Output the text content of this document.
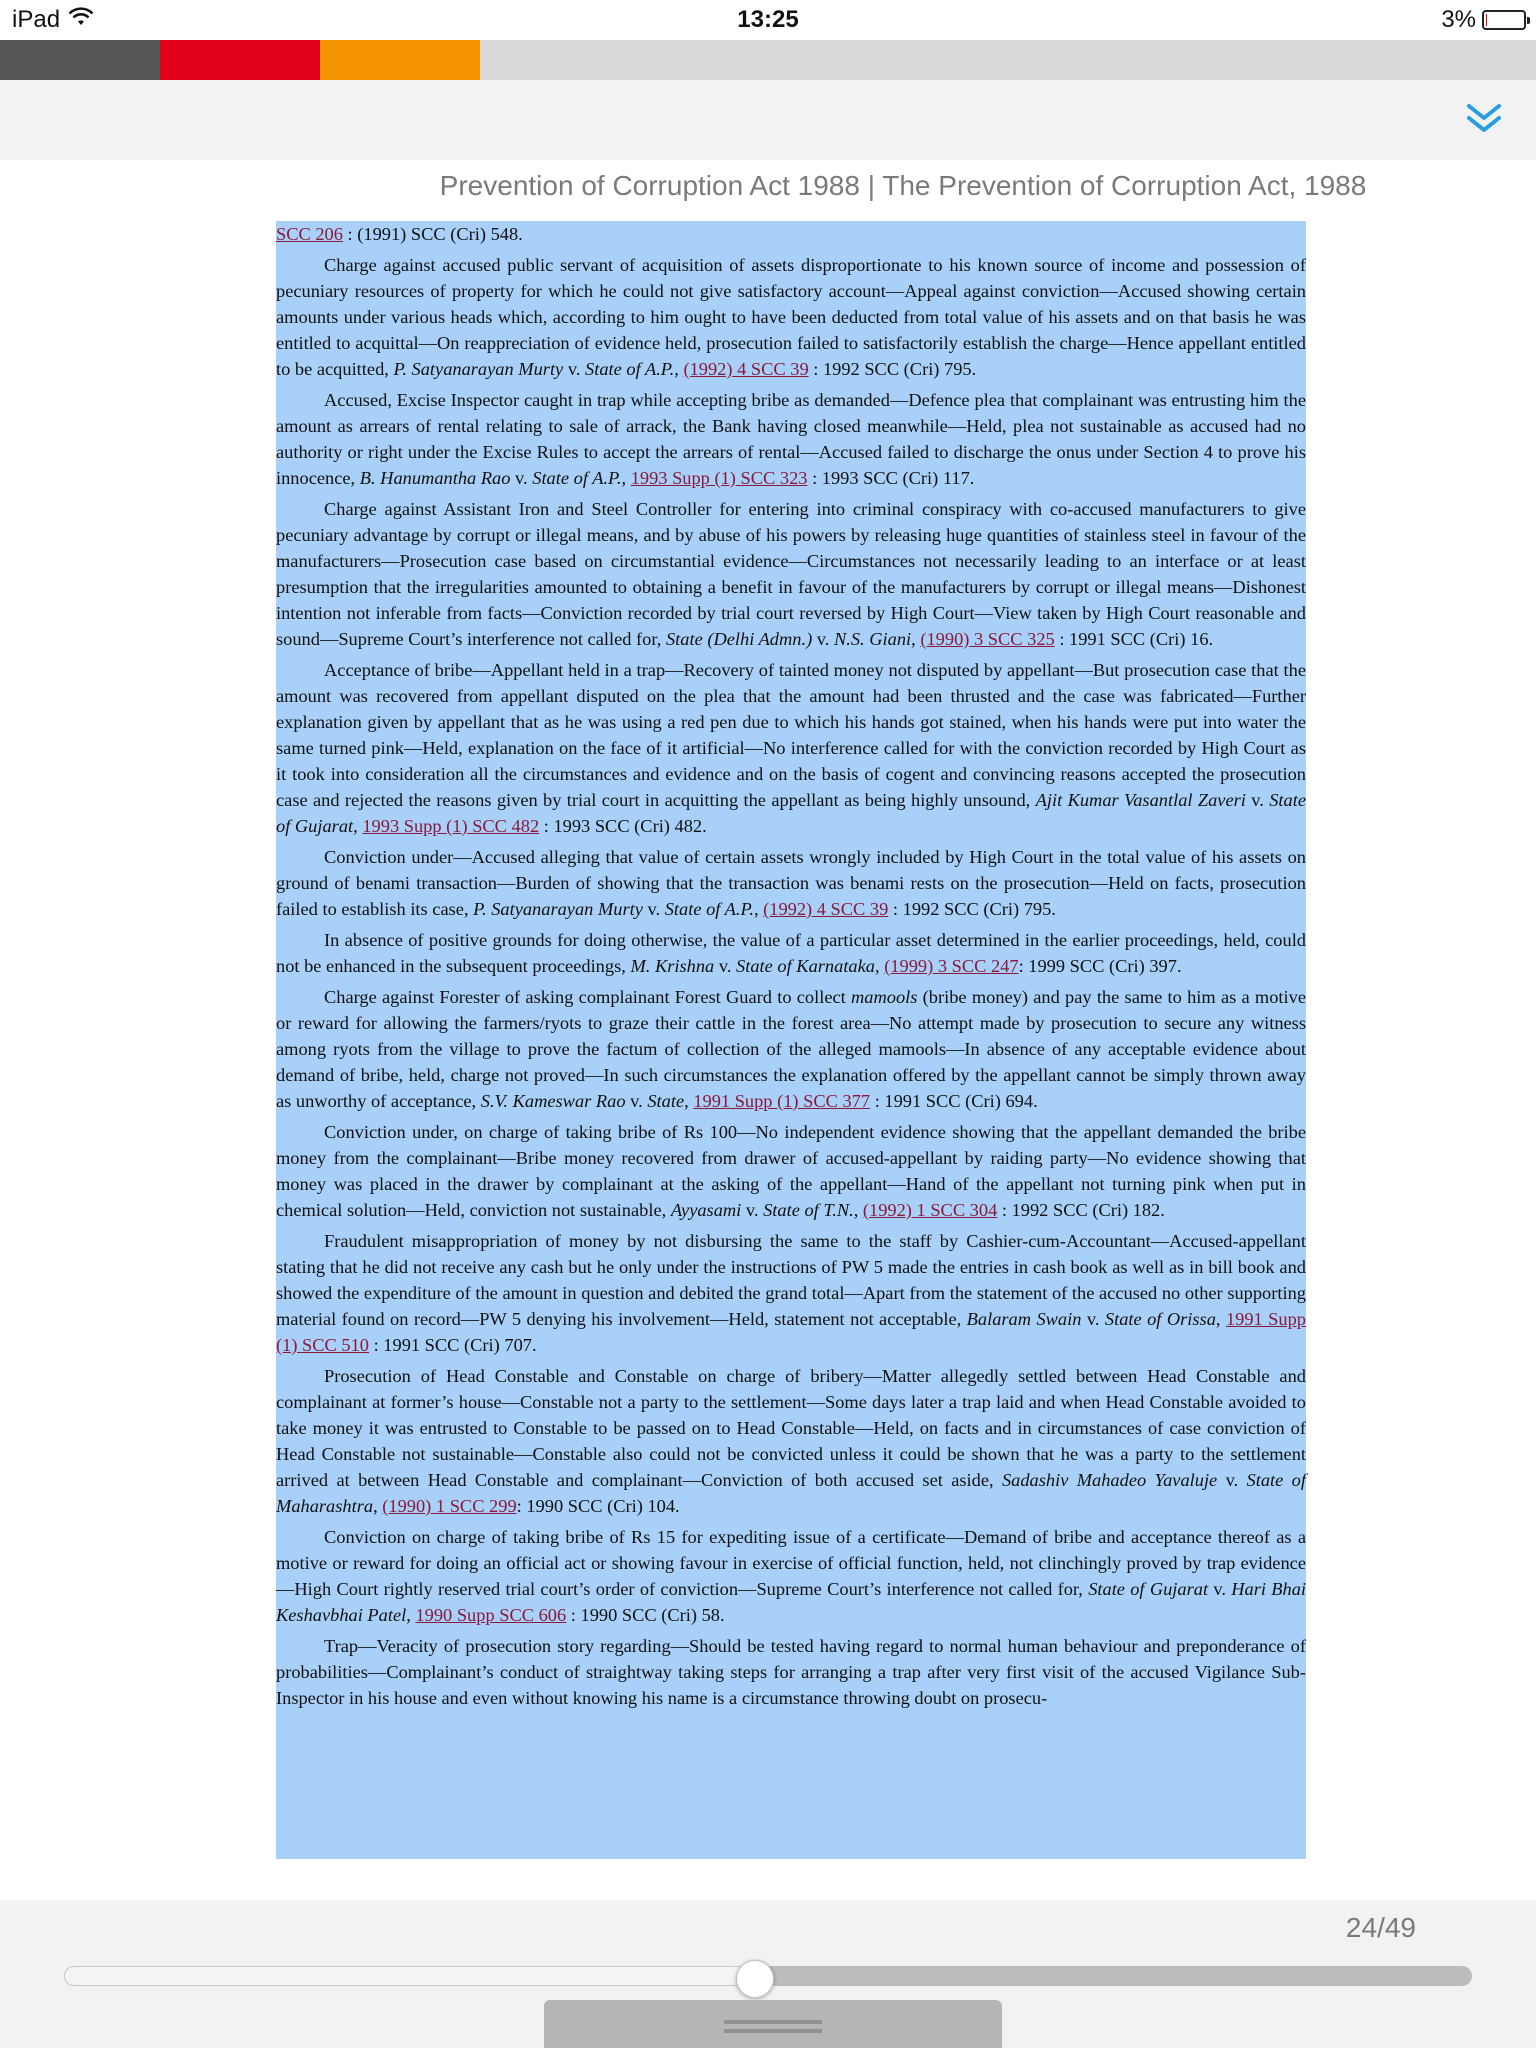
iPad	13:25	3%
Prevention of Corruption Act 1988 | The Prevention of Corruption Act, 1988

SCC 206 : (1991) SCC (Cri) 548.

Charge against accused public servant of acquisition of assets disproportionate to his known source of income and possession of pecuniary resources of property for which he could not give satisfactory account—Appeal against conviction—Accused showing certain amounts under various heads which, according to him ought to have been deducted from total value of his assets and on that basis he was entitled to acquittal—On reappreciation of evidence held, prosecution failed to satisfactorily establish the charge—Hence appellant entitled to be acquitted, P. Satyanarayan Murty v. State of A.P., (1992) 4 SCC 39 : 1992 SCC (Cri) 795.

Accused, Excise Inspector caught in trap while accepting bribe as demanded—Defence plea that complainant was entrusting him the amount as arrears of rental relating to sale of arrack, the Bank having closed meanwhile—Held, plea not sustainable as accused had no authority or right under the Excise Rules to accept the arrears of rental—Accused failed to discharge the onus under Section 4 to prove his innocence, B. Hanumantha Rao v. State of A.P., 1993 Supp (1) SCC 323 : 1993 SCC (Cri) 117.

Charge against Assistant Iron and Steel Controller for entering into criminal conspiracy with co-accused manufacturers to give pecuniary advantage by corrupt or illegal means, and by abuse of his powers by releasing huge quantities of stainless steel in favour of the manufacturers—Prosecution case based on circumstantial evidence—Circumstances not necessarily leading to an interface or at least presumption that the irregularities amounted to obtaining a benefit in favour of the manufacturers by corrupt or illegal means—Dishonest intention not inferable from facts—Conviction recorded by trial court reversed by High Court—View taken by High Court reasonable and sound—Supreme Court’s interference not called for, State (Delhi Admn.) v. N.S. Giani, (1990) 3 SCC 325 : 1991 SCC (Cri) 16.

Acceptance of bribe—Appellant held in a trap—Recovery of tainted money not disputed by appellant—But prosecution case that the amount was recovered from appellant disputed on the plea that the amount had been thrusted and the case was fabricated—Further explanation given by appellant that as he was using a red pen due to which his hands got stained, when his hands were put into water the same turned pink—Held, explanation on the face of it artificial—No interference called for with the conviction recorded by High Court as it took into consideration all the circumstances and evidence and on the basis of cogent and convincing reasons accepted the prosecution case and rejected the reasons given by trial court in acquitting the appellant as being highly unsound, Ajit Kumar Vasantlal Zaveri v. State of Gujarat, 1993 Supp (1) SCC 482 : 1993 SCC (Cri) 482.

Conviction under—Accused alleging that value of certain assets wrongly included by High Court in the total value of his assets on ground of benami transaction—Burden of showing that the transaction was benami rests on the prosecution—Held on facts, prosecution failed to establish its case, P. Satyanarayan Murty v. State of A.P., (1992) 4 SCC 39 : 1992 SCC (Cri) 795.

In absence of positive grounds for doing otherwise, the value of a particular asset determined in the earlier proceedings, held, could not be enhanced in the subsequent proceedings, M. Krishna v. State of Karnataka, (1999) 3 SCC 247: 1999 SCC (Cri) 397.

Charge against Forester of asking complainant Forest Guard to collect mamools (bribe money) and pay the same to him as a motive or reward for allowing the farmers/ryots to graze their cattle in the forest area—No attempt made by prosecution to secure any witness among ryots from the village to prove the factum of collection of the alleged mamools—In absence of any acceptable evidence about demand of bribe, held, charge not proved—In such circumstances the explanation offered by the appellant cannot be simply thrown away as unworthy of acceptance, S.V. Kameswar Rao v. State, 1991 Supp (1) SCC 377 : 1991 SCC (Cri) 694.

Conviction under, on charge of taking bribe of Rs 100—No independent evidence showing that the appellant demanded the bribe money from the complainant—Bribe money recovered from drawer of accused-appellant by raiding party—No evidence showing that money was placed in the drawer by complainant at the asking of the appellant—Hand of the appellant not turning pink when put in chemical solution—Held, conviction not sustainable, Ayyasami v. State of T.N., (1992) 1 SCC 304 : 1992 SCC (Cri) 182.

Fraudulent misappropriation of money by not disbursing the same to the staff by Cashier-cum-Accountant—Accused-appellant stating that he did not receive any cash but he only under the instructions of PW 5 made the entries in cash book as well as in bill book and showed the expenditure of the amount in question and debited the grand total—Apart from the statement of the accused no other supporting material found on record—PW 5 denying his involvement—Held, statement not acceptable, Balaram Swain v. State of Orissa, 1991 Supp (1) SCC 510 : 1991 SCC (Cri) 707.

Prosecution of Head Constable and Constable on charge of bribery—Matter allegedly settled between Head Constable and complainant at former’s house—Constable not a party to the settlement—Some days later a trap laid and when Head Constable avoided to take money it was entrusted to Constable to be passed on to Head Constable—Held, on facts and in circumstances of case conviction of Head Constable not sustainable—Constable also could not be convicted unless it could be shown that he was a party to the settlement arrived at between Head Constable and complainant—Conviction of both accused set aside, Sadashiv Mahadeo Yavaluje v. State of Maharashtra, (1990) 1 SCC 299: 1990 SCC (Cri) 104.

Conviction on charge of taking bribe of Rs 15 for expediting issue of a certificate—Demand of bribe and acceptance thereof as a motive or reward for doing an official act or showing favour in exercise of official function, held, not clinchingly proved by trap evidence—High Court rightly reserved trial court’s order of conviction—Supreme Court’s interference not called for, State of Gujarat v. Hari Bhai Keshavbhai Patel, 1990 Supp SCC 606 : 1990 SCC (Cri) 58.

Trap—Veracity of prosecution story regarding—Should be tested having regard to normal human behaviour and preponderance of probabilities—Complainant’s conduct of straightway taking steps for arranging a trap after very first visit of the accused Vigilance Sub-Inspector in his house and even without knowing his name is a circumstance throwing doubt on prosecu-

24/49
